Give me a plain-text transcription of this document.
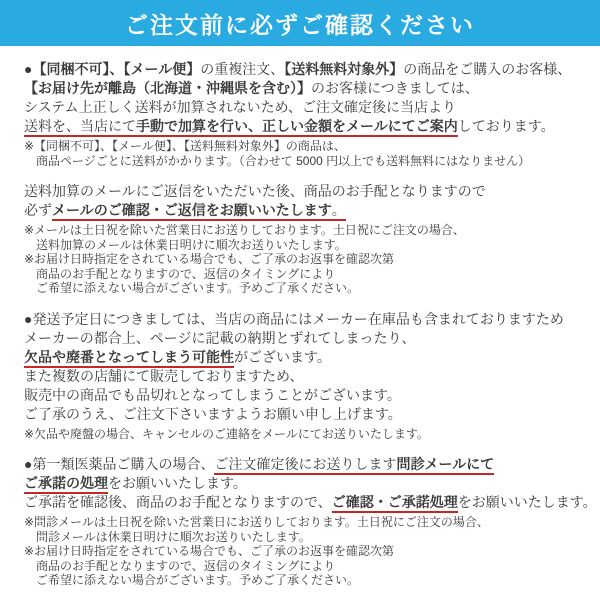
ご注文前に必ずご確認ください
●【同梱不可】、【メール便】の重複注文、【送料無料対象外】の商品をご購入のお客様、
【お届け先が離島（北海道・沖縄県を含む）】のお客様につきましては、
システム上正しく送料が加算されないため、ご注文確定後に当店より
送料を、当店にて手動で加算を行い、正しい金額をメールにてご案内しております。
※【同梱不可】、【メール便】、【送料無料対象外】の商品は、
　商品ページごとに送料がかかります。（合わせて 5000 円以上でも送料無料にはなりません）
送料加算のメールにご返信をいただいた後、商品のお手配となりますので
必ずメールのご確認・ご返信をお願いいたします。
※メールは土日祝を除いた営業日にお送りしております。土日祝にご注文の場合、
　送料加算のメールは休業日明けに順次お送りいたします。
※お届け日時指定をされている場合でも、ご了承のお返事を確認次第
　商品のお手配となりますので、返信のタイミングにより
　ご希望に添えない場合がございます。予めご了承ください。
●発送予定日につきましては、当店の商品にはメーカー在庫品も含まれておりますため
メーカーの都合上、ページに記載の納期とずれてしまったり、
欠品や廃番となってしまう可能性がございます。
また複数の店舗にて販売しておりますため、
販売中の商品でも品切れとなってしまうことがございます。
ご了承のうえ、ご注文下さいますようお願い申し上げます。
※欠品や廃盤の場合、キャンセルのご連絡をメールにてお送りいたします。
●第一類医薬品ご購入の場合、ご注文確定後にお送りします問診メールにて
ご承諾の処理をお願いいたします。
ご承諾を確認後、商品のお手配となりますので、ご確認・ご承諾処理をお願いいたします。
※問診メールは土日祝を除いた営業日にお送りしております。土日祝にご注文の場合、
　問診メールは休業日明けに順次お送りいたします。
※お届け日時指定をされている場合でも、ご了承のお返事を確認次第
　商品のお手配となりますので、返信のタイミングにより
　ご希望に添えない場合がございます。予めご了承ください。
